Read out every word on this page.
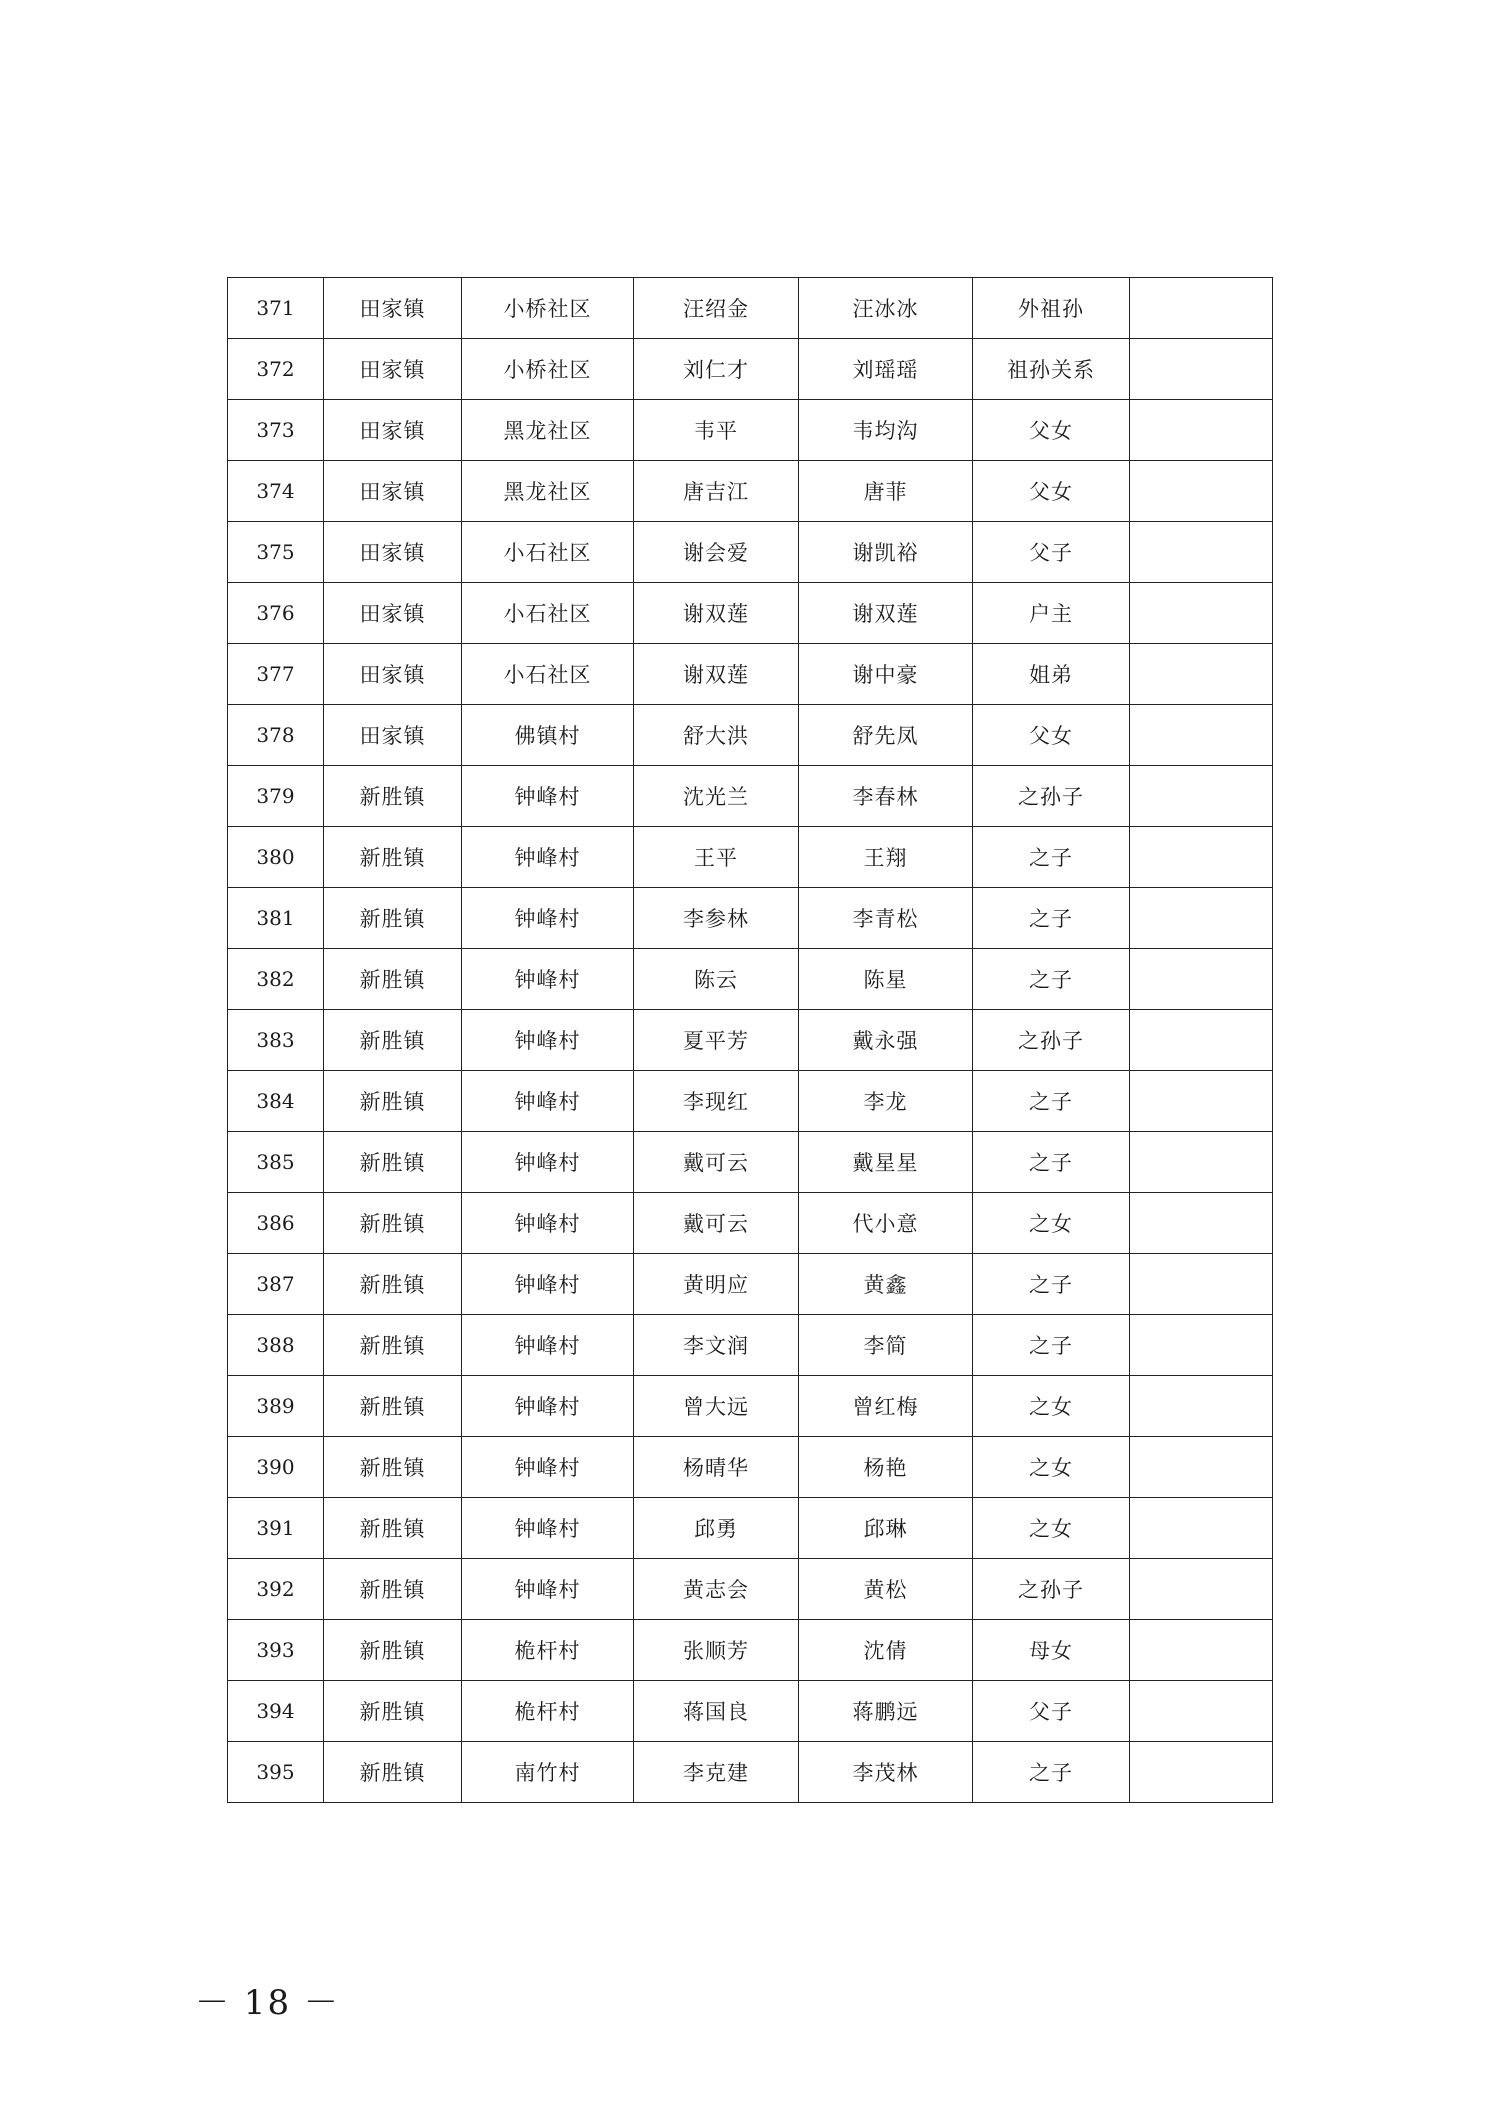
371	田家镇	小桥社区	汪绍金	汪冰冰	外祖孙	
372	田家镇	小桥社区	刘仁才	刘瑶瑶	祖孙关系	
373	田家镇	黑龙社区	韦平	韦均沟	父女	
374	田家镇	黑龙社区	唐吉江	唐菲	父女	
375	田家镇	小石社区	谢会爱	谢凯裕	父子	
376	田家镇	小石社区	谢双莲	谢双莲	户主	
377	田家镇	小石社区	谢双莲	谢中豪	姐弟	
378	田家镇	佛镇村	舒大洪	舒先凤	父女	
379	新胜镇	钟峰村	沈光兰	李春林	之孙子	
380	新胜镇	钟峰村	王平	王翔	之子	
381	新胜镇	钟峰村	李参林	李青松	之子	
382	新胜镇	钟峰村	陈云	陈星	之子	
383	新胜镇	钟峰村	夏平芳	戴永强	之孙子	
384	新胜镇	钟峰村	李现红	李龙	之子	
385	新胜镇	钟峰村	戴可云	戴星星	之子	
386	新胜镇	钟峰村	戴可云	代小意	之女	
387	新胜镇	钟峰村	黄明应	黄鑫	之子	
388	新胜镇	钟峰村	李文润	李简	之子	
389	新胜镇	钟峰村	曾大远	曾红梅	之女	
390	新胜镇	钟峰村	杨晴华	杨艳	之女	
391	新胜镇	钟峰村	邱勇	邱琳	之女	
392	新胜镇	钟峰村	黄志会	黄松	之孙子	
393	新胜镇	桅杆村	张顺芳	沈倩	母女	
394	新胜镇	桅杆村	蒋国良	蒋鹏远	父子	
395	新胜镇	南竹村	李克建	李茂林	之子	
－ 18 －
